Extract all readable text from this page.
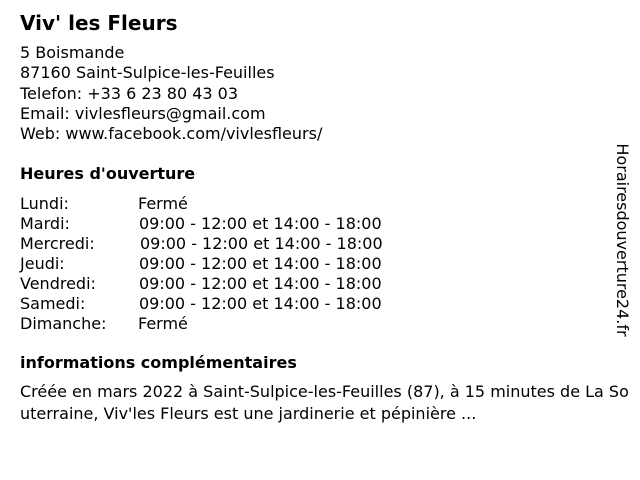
Viv' les Fleurs
5 Boismande
87160 Saint-Sulpice-les-Feuilles
Telefon: +33 6 23 80 43 03
Email: vivlesfleurs@gmail.com
Web: www.facebook.com/vivlesfleurs/
Heures d'ouverture
Lundi:	Fermé
Mardi:	09:00 - 12:00 et 14:00 - 18:00
Mercredi:	09:00 - 12:00 et 14:00 - 18:00
Jeudi:	09:00 - 12:00 et 14:00 - 18:00
Vendredi:	09:00 - 12:00 et 14:00 - 18:00
Samedi:	09:00 - 12:00 et 14:00 - 18:00
Dimanche: Fermé
informations complémentaires
Créée en mars 2022 à Saint-Sulpice-les-Feuilles (87), à 15 minutes de La Souterraine, Viv'les Fleurs est une jardinerie et pépinière ...
Horairesdouverture24.fr
